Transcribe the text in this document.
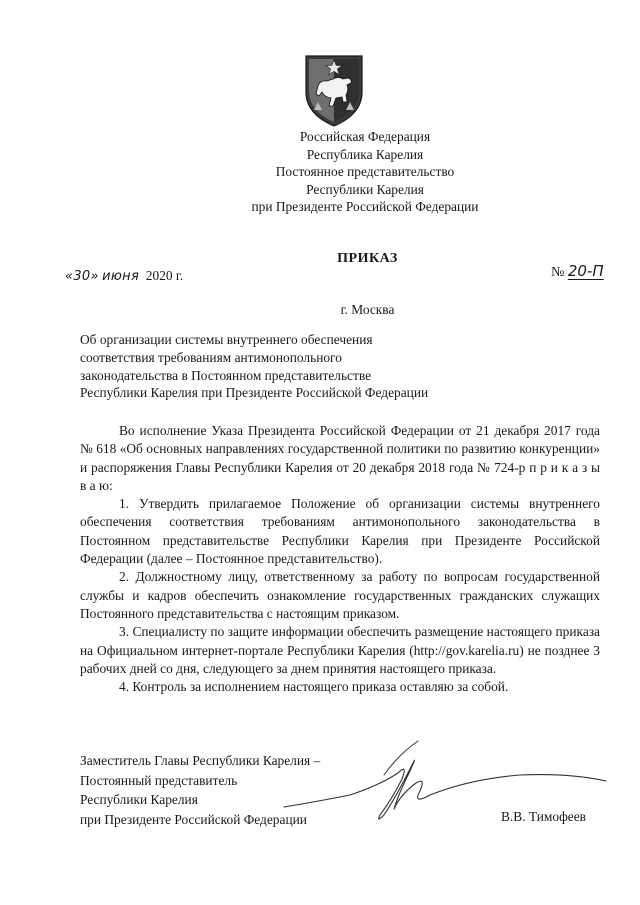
Российская Федерация
Республика Карелия
Постоянное представительство
Республики Карелия
при Президенте Российской Федерации
ПРИКАЗ
«30» июня 2020 г.	№ 20-П
г. Москва
Об организации системы внутреннего обеспечения
соответствия требованиям антимонопольного
законодательства в Постоянном представительстве
Республики Карелия при Президенте Российской Федерации

Во исполнение Указа Президента Российской Федерации от 21 декабря 2017 года № 618 «Об основных направлениях государственной политики по развитию конкуренции» и распоряжения Главы Республики Карелия от 20 декабря 2018 года № 724-р п р и к а з ы в а ю:

1. Утвердить прилагаемое Положение об организации системы внутреннего обеспечения соответствия требованиям антимонопольного законодательства в Постоянном представительстве Республики Карелия при Президенте Российской Федерации (далее – Постоянное представительство).

2. Должностному лицу, ответственному за работу по вопросам государственной службы и кадров обеспечить ознакомление государственных гражданских служащих Постоянного представительства с настоящим приказом.

3. Специалисту по защите информации обеспечить размещение настоящего приказа на Официальном интернет-портале Республики Карелия (http://gov.karelia.ru) не позднее 3 рабочих дней со дня, следующего за днем принятия настоящего приказа.

4. Контроль за исполнением настоящего приказа оставляю за собой.

Заместитель Главы Республики Карелия –
Постоянный представитель
Республики Карелия
при Президенте Российской Федерации	В.В. Тимофеев
